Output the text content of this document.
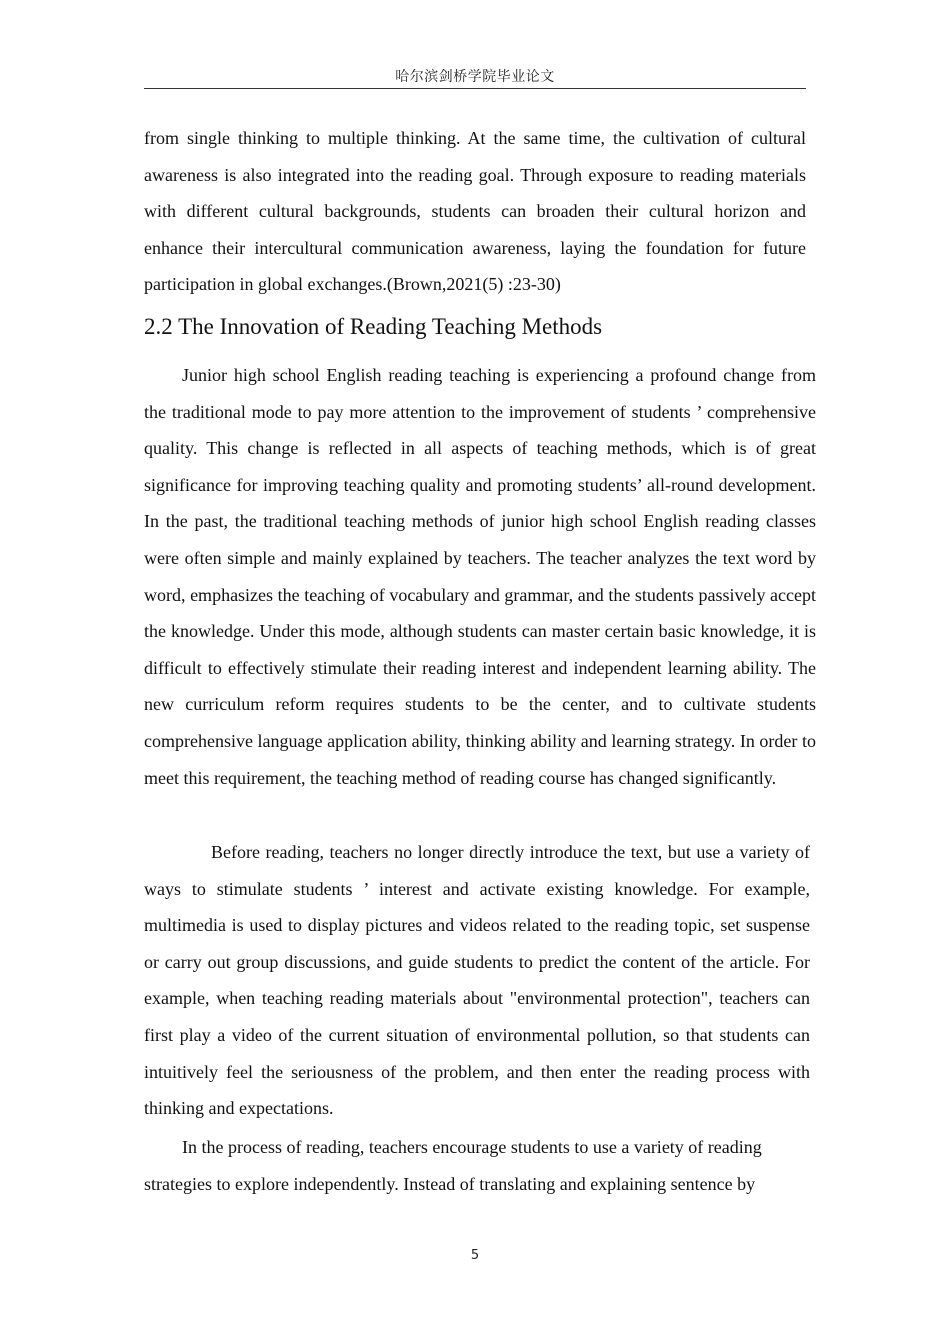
哈尔滨剑桥学院毕业论文
from single thinking to multiple thinking. At the same time, the cultivation of cultural awareness is also integrated into the reading goal. Through exposure to reading materials with different cultural backgrounds, students can broaden their cultural horizon and enhance their intercultural communication awareness, laying the foundation for future participation in global exchanges.(Brown,2021(5) :23-30)
2.2 The Innovation of Reading Teaching Methods
Junior high school English reading teaching is experiencing a profound change from the traditional mode to pay more attention to the improvement of students ’ comprehensive quality. This change is reflected in all aspects of teaching methods, which is of great significance for improving teaching quality and promoting students’ all-round development. In the past, the traditional teaching methods of junior high school English reading classes were often simple and mainly explained by teachers. The teacher analyzes the text word by word, emphasizes the teaching of vocabulary and grammar, and the students passively accept the knowledge. Under this mode, although students can master certain basic knowledge, it is difficult to effectively stimulate their reading interest and independent learning ability. The new curriculum reform requires students to be the center, and to cultivate students comprehensive language application ability, thinking ability and learning strategy. In order to meet this requirement, the teaching method of reading course has changed significantly.
Before reading, teachers no longer directly introduce the text, but use a variety of ways to stimulate students ’ interest and activate existing knowledge. For example, multimedia is used to display pictures and videos related to the reading topic, set suspense or carry out group discussions, and guide students to predict the content of the article. For example, when teaching reading materials about "environmental protection", teachers can first play a video of the current situation of environmental pollution, so that students can intuitively feel the seriousness of the problem, and then enter the reading process with thinking and expectations.
In the process of reading, teachers encourage students to use a variety of reading strategies to explore independently. Instead of translating and explaining sentence by
5
